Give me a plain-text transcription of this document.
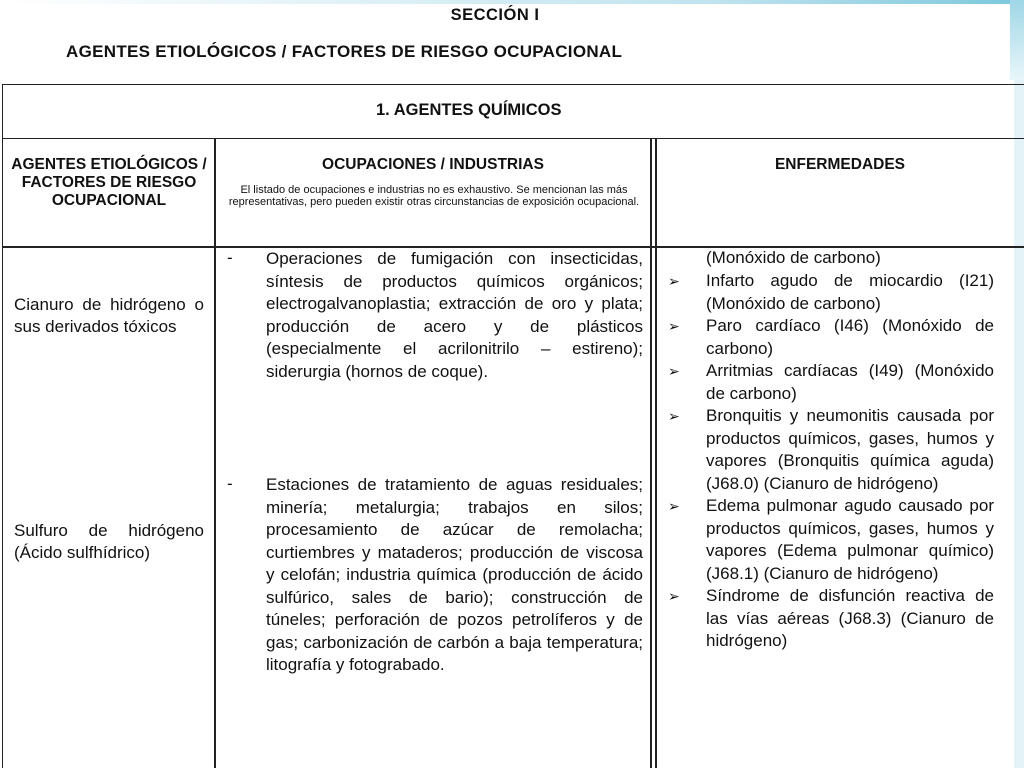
SECCIÓN I
AGENTES ETIOLÓGICOS / FACTORES DE RIESGO OCUPACIONAL
1. AGENTES QUÍMICOS
AGENTES ETIOLÓGICOS / FACTORES DE RIESGO OCUPACIONAL
OCUPACIONES / INDUSTRIAS
El listado de ocupaciones e industrias no es exhaustivo. Se mencionan las más representativas, pero pueden existir otras circunstancias de exposición ocupacional.
ENFERMEDADES
Cianuro de hidrógeno o sus derivados tóxicos
Sulfuro de hidrógeno (Ácido sulfhídrico)
- Operaciones de fumigación con insecticidas, síntesis de productos químicos orgánicos; electrogalvanoplastia; extracción de oro y plata; producción de acero y de plásticos (especialmente el acrilonitrilo – estireno); siderurgia (hornos de coque).
- Estaciones de tratamiento de aguas residuales; minería; metalurgia; trabajos en silos; procesamiento de azúcar de remolacha; curtiembres y mataderos; producción de viscosa y celofán; industria química (producción de ácido sulfúrico, sales de bario); construcción de túneles; perforación de pozos petrolíferos y de gas; carbonización de carbón a baja temperatura; litografía y fotograbado.
(Monóxido de carbono)
➢ Infarto agudo de miocardio (I21) (Monóxido de carbono)
➢ Paro cardíaco (I46) (Monóxido de carbono)
➢ Arritmias cardíacas (I49) (Monóxido de carbono)
➢ Bronquitis y neumonitis causada por productos químicos, gases, humos y vapores (Bronquitis química aguda) (J68.0) (Cianuro de hidrógeno)
➢ Edema pulmonar agudo causado por productos químicos, gases, humos y vapores (Edema pulmonar químico) (J68.1) (Cianuro de hidrógeno)
➢ Síndrome de disfunción reactiva de las vías aéreas (J68.3) (Cianuro de hidrógeno)
